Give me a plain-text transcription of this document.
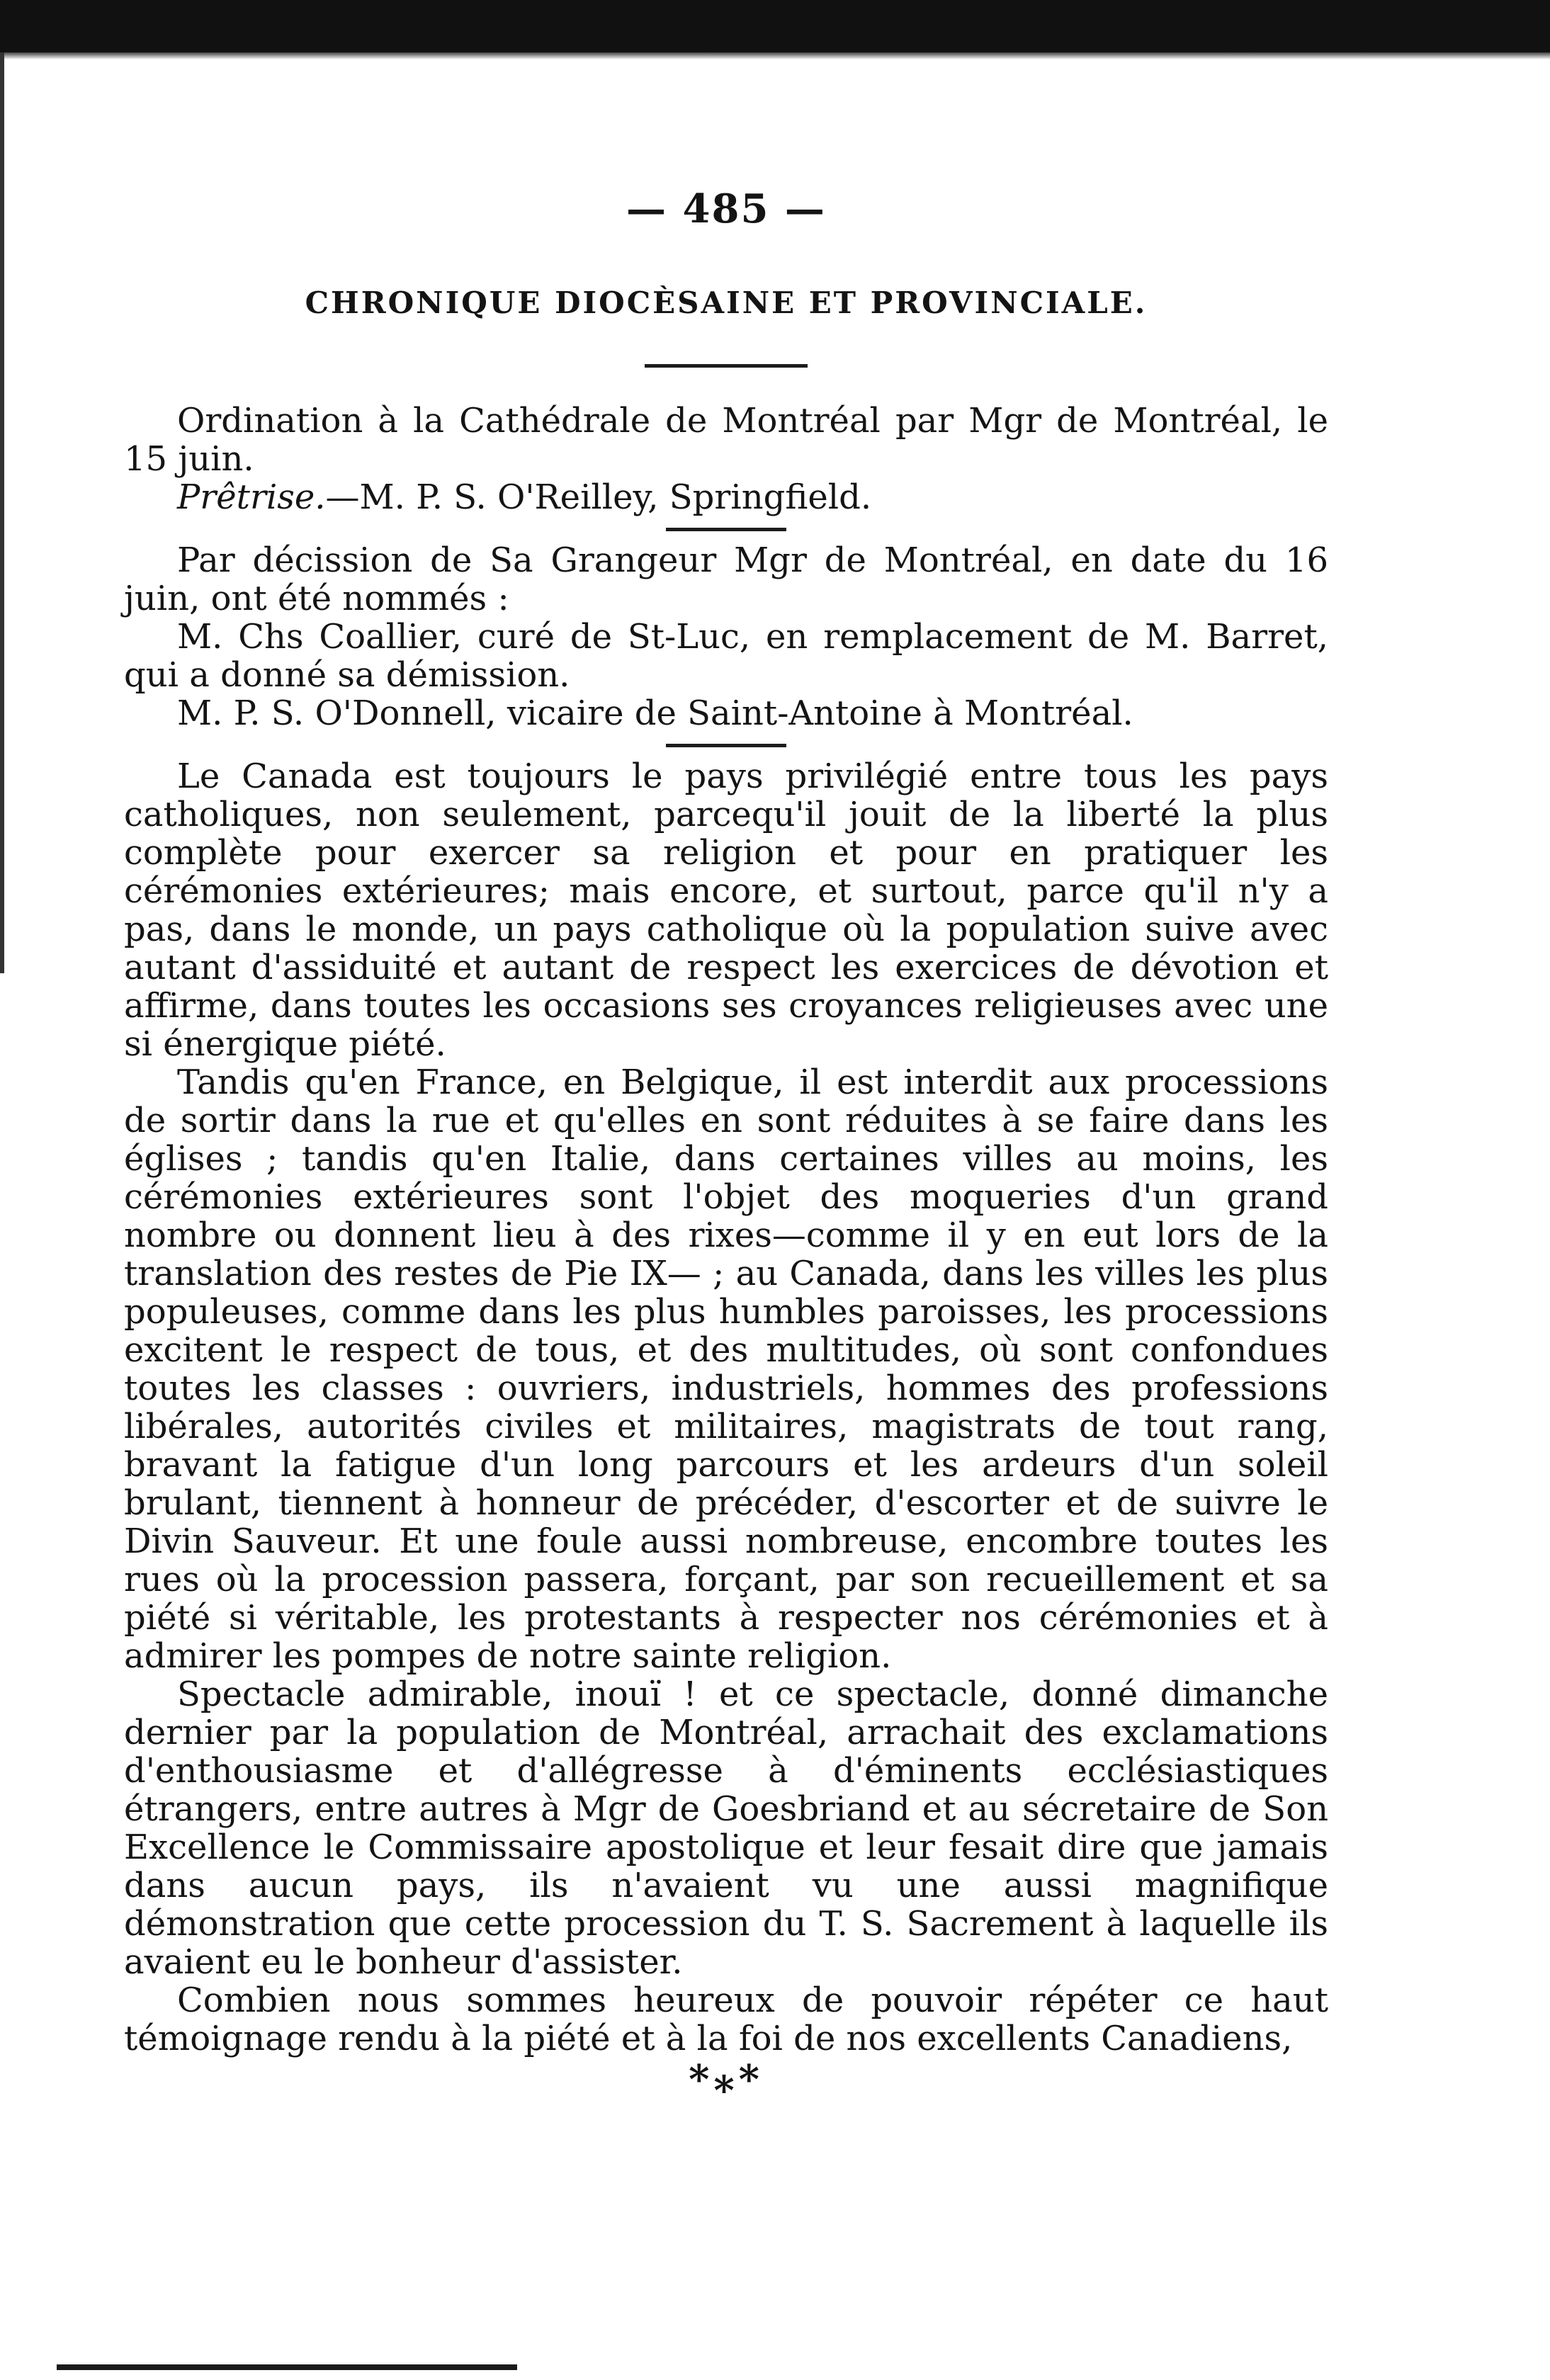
— 485 —
CHRONIQUE DIOCÈSAINE ET PROVINCIALE.

Ordination à la Cathédrale de Montréal par Mgr de Montréal, le 15 juin.

Prêtrise.—M. P. S. O'Reilley, Springfield.

Par décission de Sa Grangeur Mgr de Montréal, en date du 16 juin, ont été nommés :

M. Chs Coallier, curé de St-Luc, en remplacement de M. Barret, qui a donné sa démission.

M. P. S. O'Donnell, vicaire de Saint-Antoine à Montréal.

Le Canada est toujours le pays privilégié entre tous les pays catholiques, non seulement, parcequ'il jouit de la liberté la plus complète pour exercer sa religion et pour en pratiquer les cérémonies extérieures; mais encore, et surtout, parce qu'il n'y a pas, dans le monde, un pays catholique où la population suive avec autant d'assiduité et autant de respect les exercices de dévotion et affirme, dans toutes les occasions ses croyances religieuses avec une si énergique piété.

Tandis qu'en France, en Belgique, il est interdit aux processions de sortir dans la rue et qu'elles en sont réduites à se faire dans les églises ; tandis qu'en Italie, dans certaines villes au moins, les cérémonies extérieures sont l'objet des moqueries d'un grand nombre ou donnent lieu à des rixes—comme il y en eut lors de la translation des restes de Pie IX— ; au Canada, dans les villes les plus populeuses, comme dans les plus humbles paroisses, les processions excitent le respect de tous, et des multitudes, où sont confondues toutes les classes : ouvriers, industriels, hommes des professions libérales, autorités civiles et militaires, magistrats de tout rang, bravant la fatigue d'un long parcours et les ardeurs d'un soleil brulant, tiennent à honneur de précéder, d'escorter et de suivre le Divin Sauveur. Et une foule aussi nombreuse, encombre toutes les rues où la procession passera, forçant, par son recueillement et sa piété si véritable, les protestants à respecter nos cérémonies et à admirer les pompes de notre sainte religion.

Spectacle admirable, inouï ! et ce spectacle, donné dimanche dernier par la population de Montréal, arrachait des exclamations d'enthousiasme et d'allégresse à d'éminents ecclésiastiques étrangers, entre autres à Mgr de Goesbriand et au sécretaire de Son Excellence le Commissaire apostolique et leur fesait dire que jamais dans aucun pays, ils n'avaient vu une aussi magnifique démonstration que cette procession du T. S. Sacrement à laquelle ils avaient eu le bonheur d'assister.

Combien nous sommes heureux de pouvoir répéter ce haut témoignage rendu à la piété et à la foi de nos excellents Canadiens,

*⁎*
